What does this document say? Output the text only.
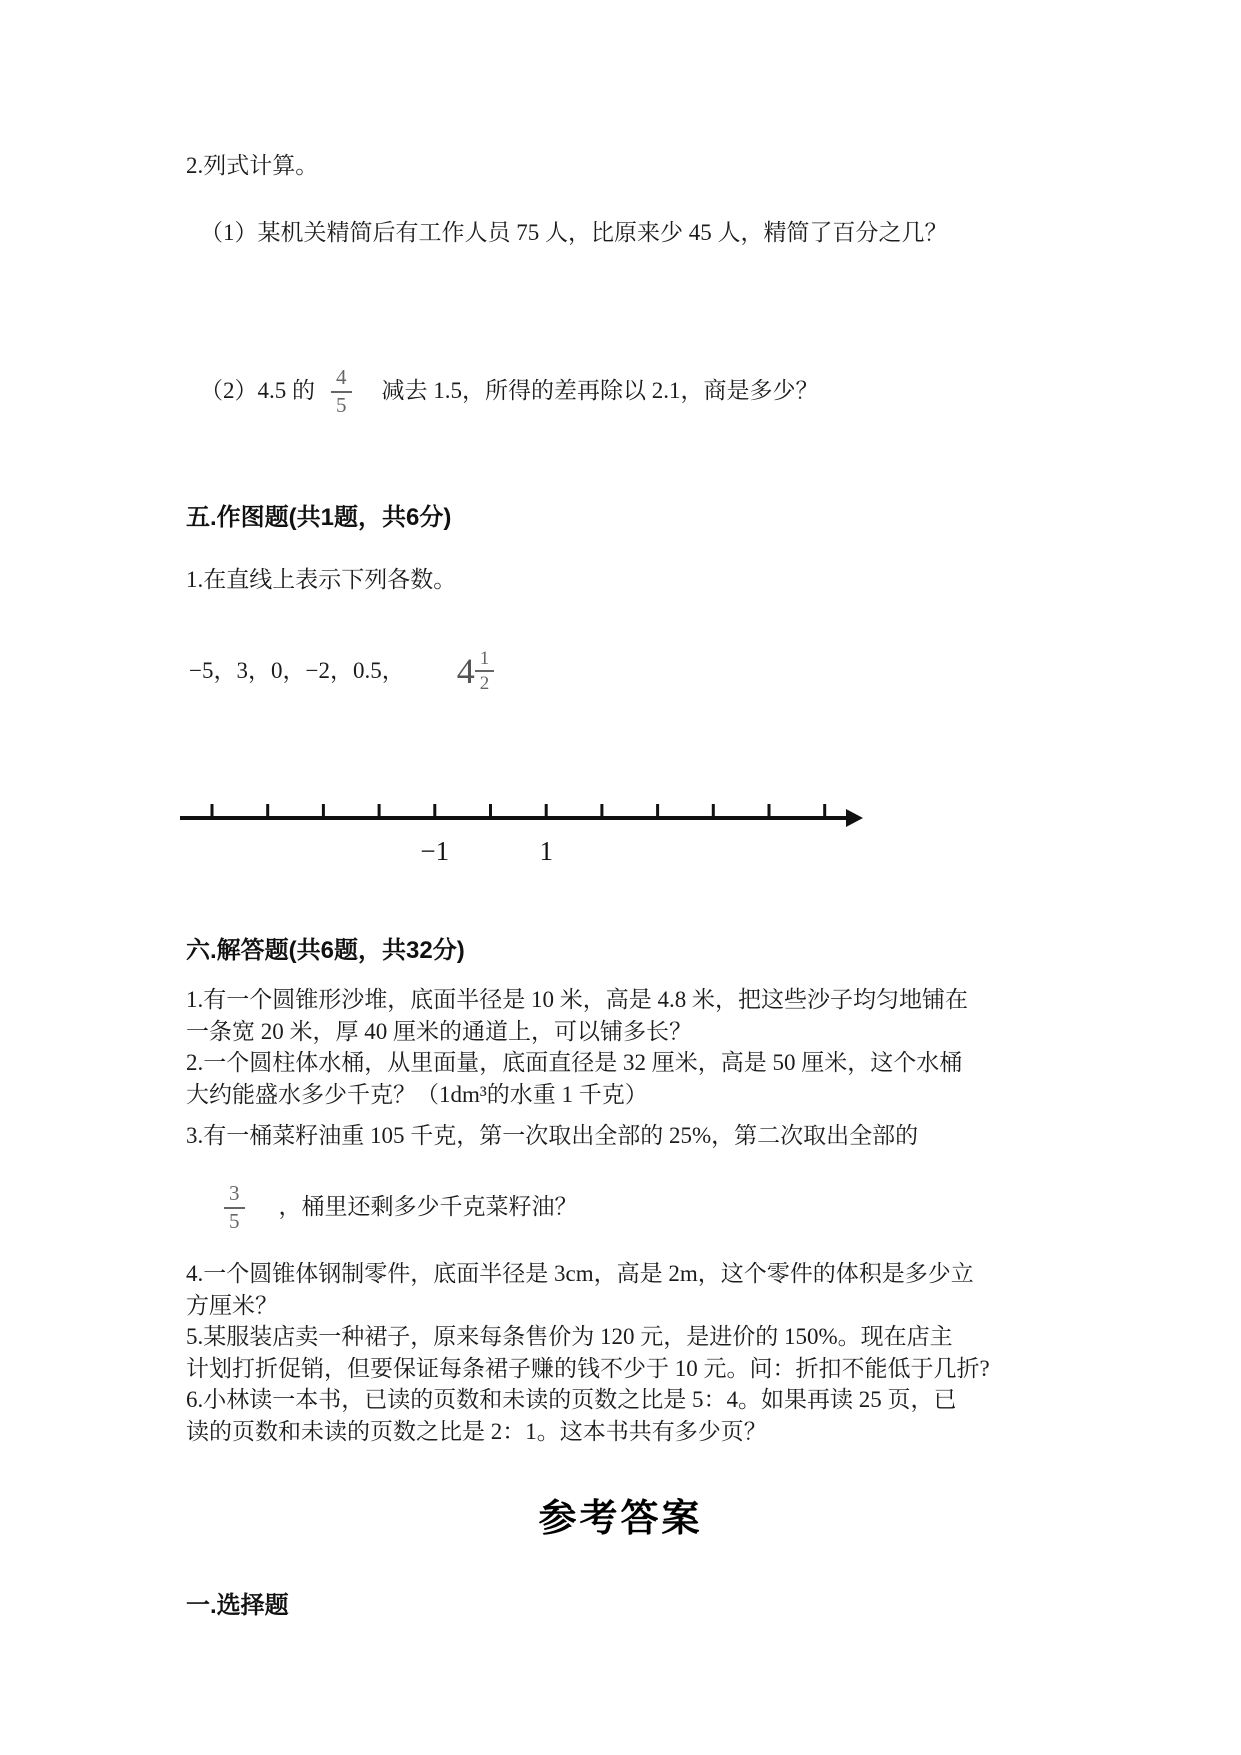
2.列式计算。
（1）某机关精简后有工作人员 75 人，比原来少 45 人，精简了百分之几？
（2）4.5 的 $\frac{4}{5}$ 减去 1.5，所得的差再除以 2.1，商是多少？
五.作图题(共1题，共6分)
1.在直线上表示下列各数。
−5，3，0，−2，0.5， $4 \frac{1}{2}$
−1	1
六.解答题(共6题，共32分)
1.有一个圆锥形沙堆，底面半径是 10 米，高是 4.8 米，把这些沙子均匀地铺在
一条宽 20 米，厚 40 厘米的通道上，可以铺多长？
2.一个圆柱体水桶，从里面量，底面直径是 32 厘米，高是 50 厘米，这个水桶
大约能盛水多少千克？（1dm³的水重 1 千克）
3.有一桶菜籽油重 105 千克，第一次取出全部的 25%，第二次取出全部的
$\frac{3}{5}$ ，桶里还剩多少千克菜籽油？
4.一个圆锥体钢制零件，底面半径是 3cm，高是 2m，这个零件的体积是多少立
方厘米？
5.某服装店卖一种裙子，原来每条售价为 120 元，是进价的 150%。现在店主
计划打折促销，但要保证每条裙子赚的钱不少于 10 元。问：折扣不能低于几折?
6.小林读一本书，已读的页数和未读的页数之比是 5：4。如果再读 25 页，已
读的页数和未读的页数之比是 2：1。这本书共有多少页？
参考答案
一.选择题
